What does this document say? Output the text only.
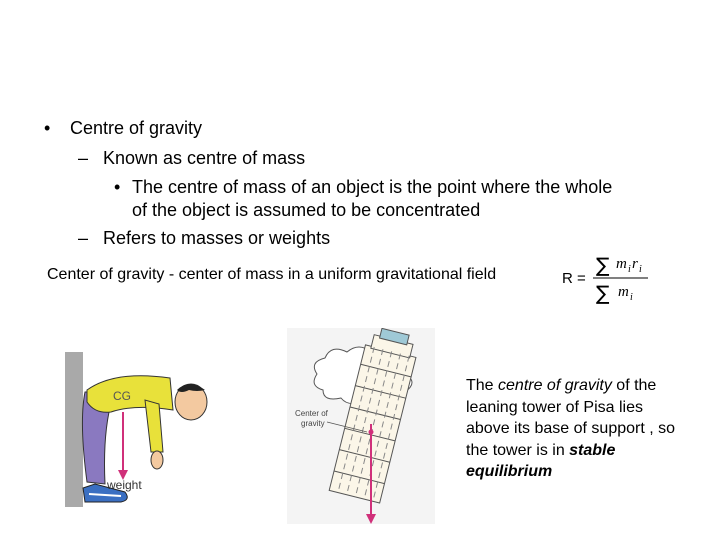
• Centre of gravity
– Known as centre of mass
• The centre of mass of an object is the point where the whole
of the object is assumed to be concentrated
– Refers to masses or weights
Center of gravity - center of mass in a uniform gravitational field	R =
∑ m i r i
∑ m i
CG
weight
Center of
gravity
The centre of gravity of the leaning tower of Pisa lies above its base of support , so the tower is in stable equilibrium
